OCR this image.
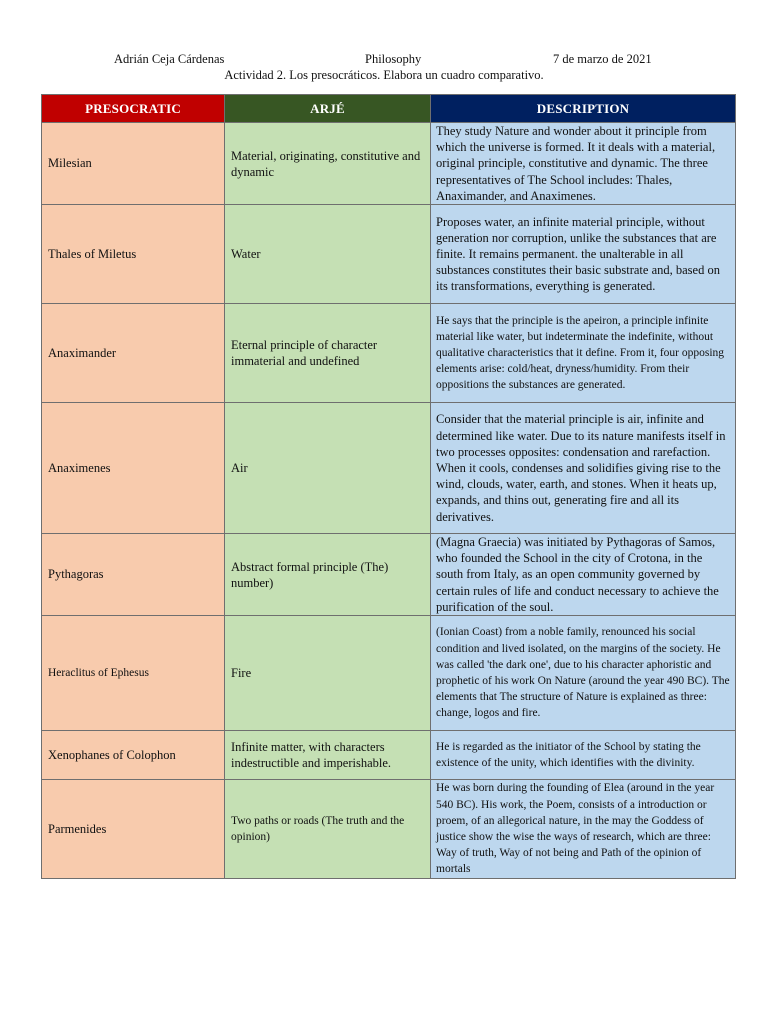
Adrián Ceja Cárdenas	Philosophy	7 de marzo de 2021
Actividad 2. Los presocráticos. Elabora un cuadro comparativo.
PRESOCRATIC	ARJÉ	DESCRIPTION
Milesian	Material, originating, constitutive and dynamic	They study Nature and wonder about it principle from which the universe is formed. It it deals with a material, original principle, constitutive and dynamic. The three representatives of The School includes: Thales, Anaximander, and Anaximenes.
Thales of Miletus	Water	Proposes water, an infinite material principle, without generation nor corruption, unlike the substances that are finite. It remains permanent. the unalterable in all substances constitutes their basic substrate and, based on its transformations, everything is generated.
Anaximander	Eternal principle of character immaterial and undefined	He says that the principle is the apeiron, a principle infinite material like water, but indeterminate the indefinite, without qualitative characteristics that it define. From it, four opposing elements arise: cold/heat, dryness/humidity. From their oppositions the substances are generated.
Anaximenes	Air	Consider that the material principle is air, infinite and determined like water. Due to its nature manifests itself in two processes opposites: condensation and rarefaction. When it cools, condenses and solidifies giving rise to the wind, clouds, water, earth, and stones. When it heats up, expands, and thins out, generating fire and all its derivatives.
Pythagoras	Abstract formal principle (The) number)	(Magna Graecia) was initiated by Pythagoras of Samos, who founded the School in the city of Crotona, in the south from Italy, as an open community governed by certain rules of life and conduct necessary to achieve the purification of the soul.
Heraclitus of Ephesus	Fire	(Ionian Coast) from a noble family, renounced his social condition and lived isolated, on the margins of the society. He was called 'the dark one', due to his character aphoristic and prophetic of his work On Nature (around the year 490 BC). The elements that The structure of Nature is explained as three: change, logos and fire.
Xenophanes of Colophon	Infinite matter, with characters indestructible and imperishable.	He is regarded as the initiator of the School by stating the existence of the unity, which identifies with the divinity.
Parmenides	Two paths or roads (The truth and the opinion)	He was born during the founding of Elea (around in the year 540 BC). His work, the Poem, consists of a introduction or proem, of an allegorical nature, in the may the Goddess of justice show the wise the ways of research, which are three: Way of truth, Way of not being and Path of the opinion of mortals
